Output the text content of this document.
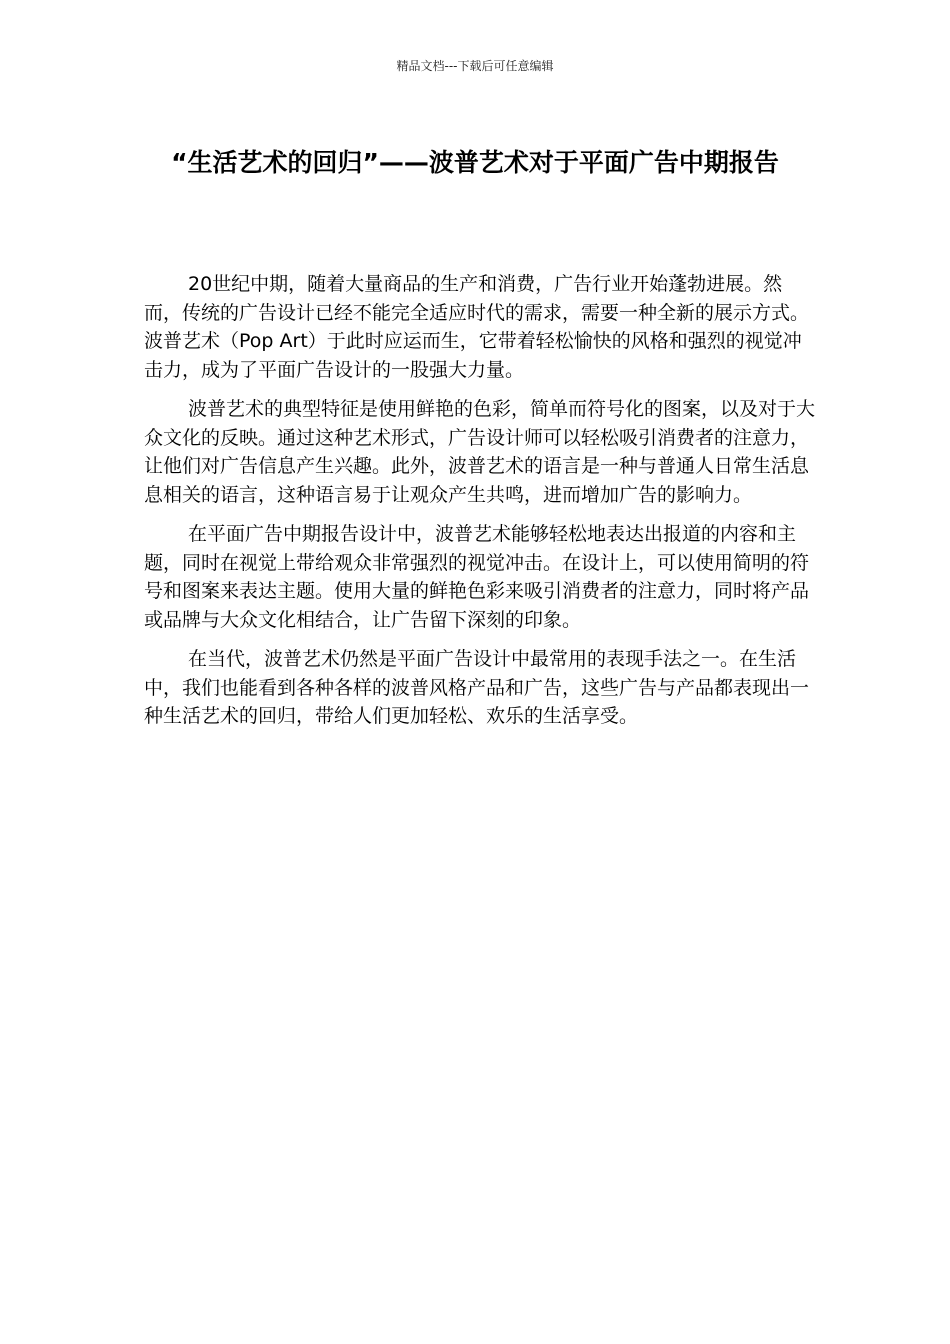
精品文档---下载后可任意编辑
“生活艺术的回归”——波普艺术对于平面广告中期报告

20世纪中期，随着大量商品的生产和消费，广告行业开始蓬勃进展。然而，传统的广告设计已经不能完全适应时代的需求，需要一种全新的展示方式。波普艺术（Pop Art）于此时应运而生，它带着轻松愉快的风格和强烈的视觉冲击力，成为了平面广告设计的一股强大力量。

波普艺术的典型特征是使用鲜艳的色彩，简单而符号化的图案，以及对于大众文化的反映。通过这种艺术形式，广告设计师可以轻松吸引消费者的注意力，让他们对广告信息产生兴趣。此外，波普艺术的语言是一种与普通人日常生活息息相关的语言，这种语言易于让观众产生共鸣，进而增加广告的影响力。

在平面广告中期报告设计中，波普艺术能够轻松地表达出报道的内容和主题，同时在视觉上带给观众非常强烈的视觉冲击。在设计上，可以使用简明的符号和图案来表达主题。使用大量的鲜艳色彩来吸引消费者的注意力，同时将产品或品牌与大众文化相结合，让广告留下深刻的印象。

在当代，波普艺术仍然是平面广告设计中最常用的表现手法之一。在生活中，我们也能看到各种各样的波普风格产品和广告，这些广告与产品都表现出一种生活艺术的回归，带给人们更加轻松、欢乐的生活享受。
